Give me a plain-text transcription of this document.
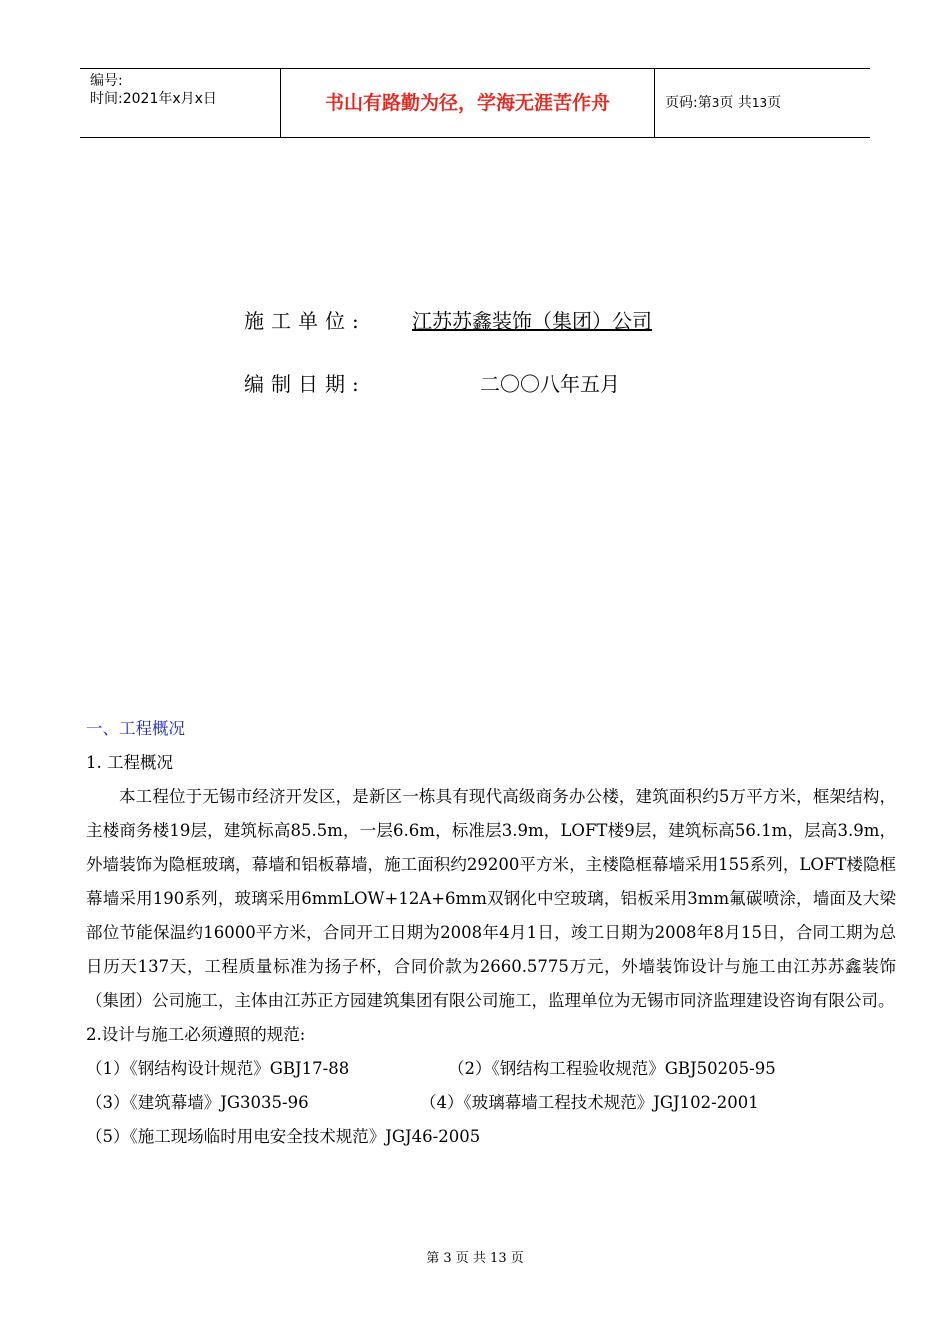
编号:
时间:2021年x月x日	书山有路勤为径，学海无涯苦作舟	页码:第3页 共13页
施工单位: 江苏苏鑫装饰（集团）公司
编制日期:	二〇〇八年五月
一、工程概况
1. 工程概况

本工程位于无锡市经济开发区，是新区一栋具有现代高级商务办公楼，建筑面积约5万平方米，框架结构，主楼商务楼19层，建筑标高85.5m，一层6.6m，标准层3.9m，LOFT楼9层，建筑标高56.1m，层高3.9m，外墙装饰为隐框玻璃，幕墙和铝板幕墙，施工面积约29200平方米，主楼隐框幕墙采用155系列，LOFT楼隐框幕墙采用190系列，玻璃采用6mmLOW+12A+6mm双钢化中空玻璃，铝板采用3mm氟碳喷涂，墙面及大梁部位节能保温约16000平方米，合同开工日期为2008年4月1日，竣工日期为2008年8月15日，合同工期为总日历天137天，工程质量标准为扬子杯，合同价款为2660.5775万元，外墙装饰设计与施工由江苏苏鑫装饰（集团）公司施工，主体由江苏正方园建筑集团有限公司施工，监理单位为无锡市同济监理建设咨询有限公司。

2.设计与施工必须遵照的规范:
（1）《钢结构设计规范》GBJ17-88	（2）《钢结构工程验收规范》GBJ50205-95
（3）《建筑幕墙》JG3035-96	（4）《玻璃幕墙工程技术规范》JGJ102-2001
（5）《施工现场临时用电安全技术规范》JGJ46-2005
第 3 页 共 13 页
